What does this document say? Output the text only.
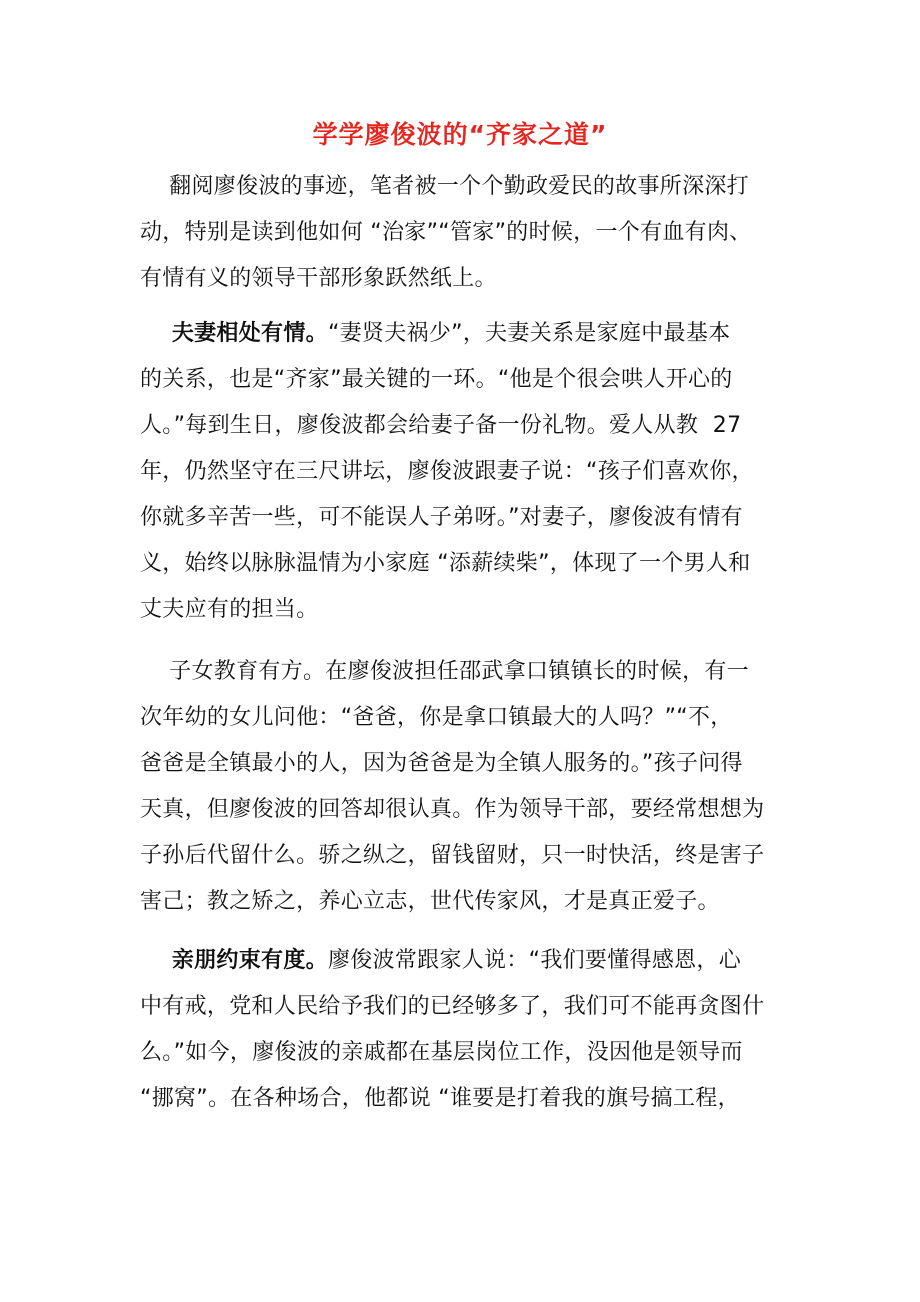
学学廖俊波的“齐家之道”
翻阅廖俊波的事迹，笔者被一个个勤政爱民的故事所深深打
动，特别是读到他如何 “治家”“管家”的时候，一个有血有肉、
有情有义的领导干部形象跃然纸上。
夫妻相处有情。“妻贤夫祸少”，夫妻关系是家庭中最基本
的关系，也是“齐家”最关键的一环。“他是个很会哄人开心的
人。”每到生日，廖俊波都会给妻子备一份礼物。爱人从教  27
年，仍然坚守在三尺讲坛，廖俊波跟妻子说：“孩子们喜欢你，
你就多辛苦一些，可不能误人子弟呀。”对妻子，廖俊波有情有
义，始终以脉脉温情为小家庭 “添薪续柴”，体现了一个男人和
丈夫应有的担当。
子女教育有方。在廖俊波担任邵武拿口镇镇长的时候，有一
次年幼的女儿问他：“爸爸，你是拿口镇最大的人吗？”“不，
爸爸是全镇最小的人，因为爸爸是为全镇人服务的。”孩子问得
天真，但廖俊波的回答却很认真。作为领导干部，要经常想想为
子孙后代留什么。骄之纵之，留钱留财，只一时快活，终是害子
害己；教之矫之，养心立志，世代传家风，才是真正爱子。
亲朋约束有度。廖俊波常跟家人说：“我们要懂得感恩，心
中有戒，党和人民给予我们的已经够多了，我们可不能再贪图什
么。”如今，廖俊波的亲戚都在基层岗位工作，没因他是领导而
“挪窝”。在各种场合，他都说 “谁要是打着我的旗号搞工程，
